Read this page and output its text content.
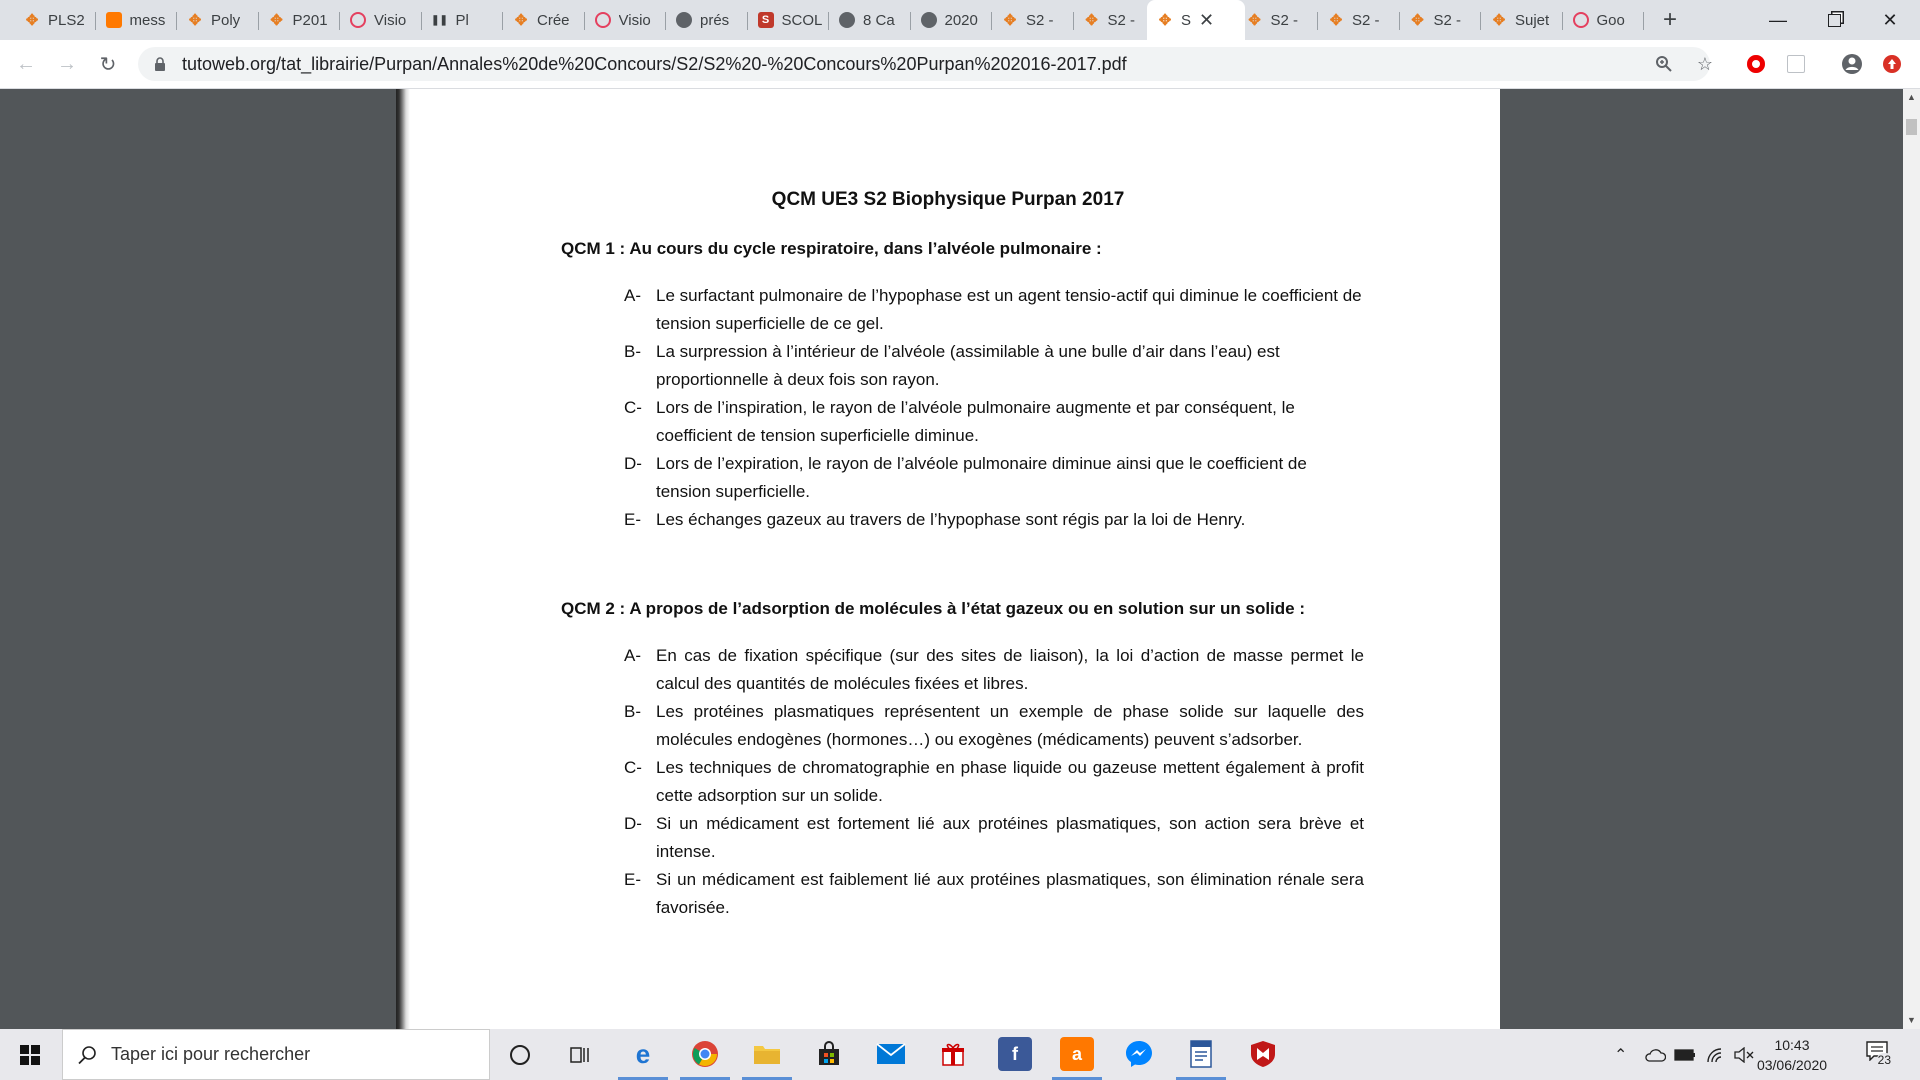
✥ PLS2	mess ✥ Poly ✥ P201	Visio ❚❚ Pl	✥ Crée	Visio	prés	S SCOL	8 Ca	2020 ✥ S2 - ✥ S2 - ✥ S ✕ ✥ S2 - ✥ S2 - ✥ S2 - ✥ Sujet	Goo +	—	✕
← → ↻	tutoweb.org/tat_librairie/Purpan/Annales%20de%20Concours/S2/S2%20-%20Concours%20Purpan%202016-2017.pdf	☆
QCM UE3 S2 Biophysique Purpan 2017
QCM 1 : Au cours du cycle respiratoire, dans l’alvéole pulmonaire :
A- Le surfactant pulmonaire de l’hypophase est un agent tensio-actif qui diminue le coefficient de tension superficielle de ce gel.
B- La surpression à l’intérieur de l’alvéole (assimilable à une bulle d’air dans l’eau) est proportionnelle à deux fois son rayon.
C- Lors de l’inspiration, le rayon de l’alvéole pulmonaire augmente et par conséquent, le coefficient de tension superficielle diminue.
D- Lors de l’expiration, le rayon de l’alvéole pulmonaire diminue ainsi que le coefficient de tension superficielle.
E- Les échanges gazeux au travers de l’hypophase sont régis par la loi de Henry.
QCM 2 : A propos de l’adsorption de molécules à l’état gazeux ou en solution sur un solide :
A- En cas de fixation spécifique (sur des sites de liaison), la loi d’action de masse permet le calcul des quantités de molécules fixées et libres.
B- Les protéines plasmatiques représentent un exemple de phase solide sur laquelle des molécules endogènes (hormones…) ou exogènes (médicaments) peuvent s’adsorber.
C- Les techniques de chromatographie en phase liquide ou gazeuse mettent également à profit cette adsorption sur un solide.
D- Si un médicament est fortement lié aux protéines plasmatiques, son action sera brève et intense.
E- Si un médicament est faiblement lié aux protéines plasmatiques, son élimination rénale sera favorisée.
▲
▼
Taper ici pour rechercher	e	f	a	⌃
10:43
03/06/2020	23
